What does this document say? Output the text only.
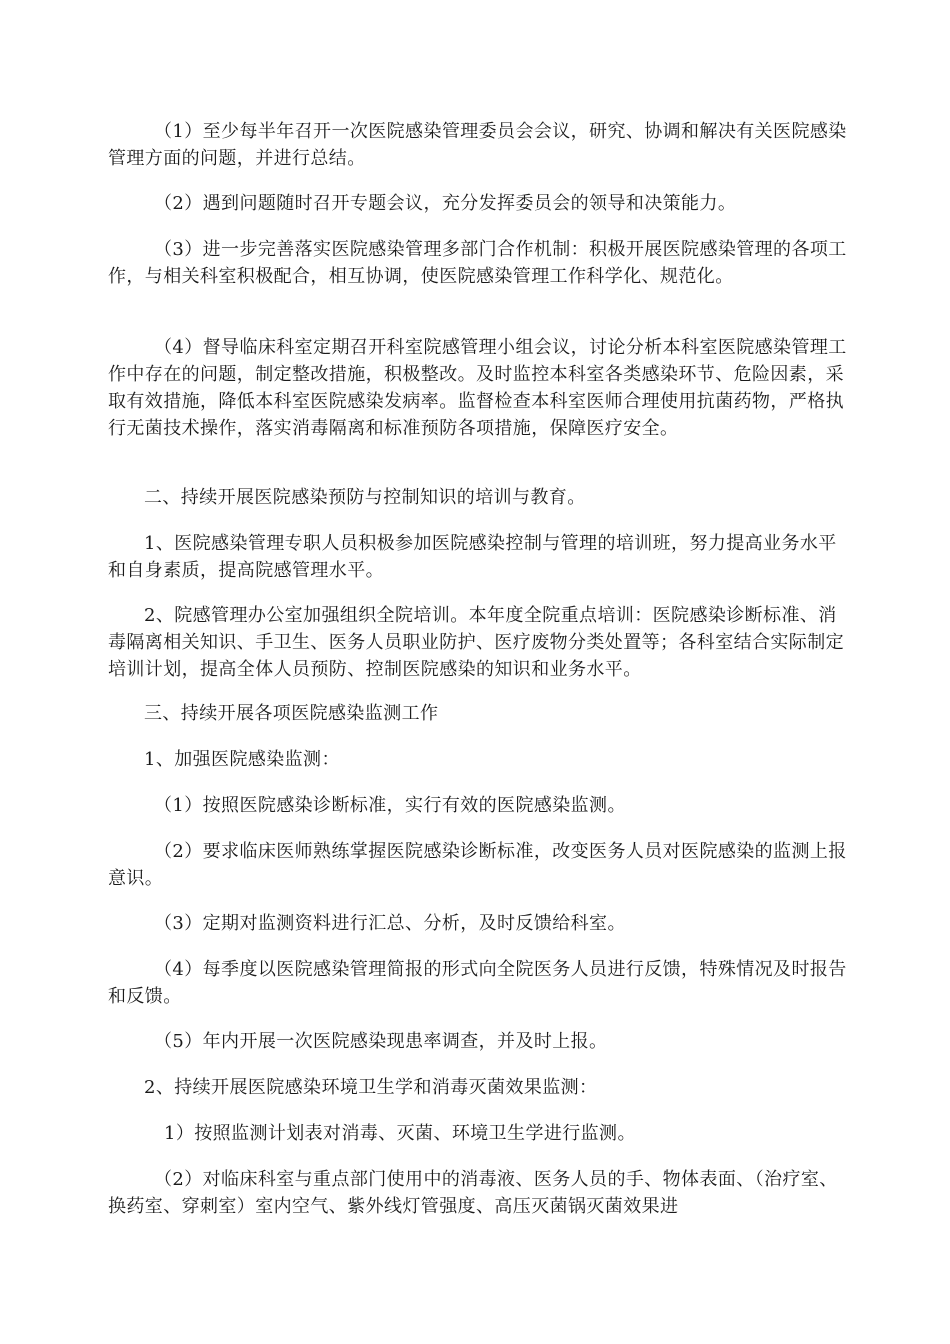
（1）至少每半年召开一次医院感染管理委员会会议，研究、协调和解决有关医院感染管理方面的问题，并进行总结。

（2）遇到问题随时召开专题会议，充分发挥委员会的领导和决策能力。

（3）进一步完善落实医院感染管理多部门合作机制：积极开展医院感染管理的各项工作，与相关科室积极配合，相互协调，使医院感染管理工作科学化、规范化。

（4）督导临床科室定期召开科室院感管理小组会议，讨论分析本科室医院感染管理工作中存在的问题，制定整改措施，积极整改。及时监控本科室各类感染环节、危险因素，采取有效措施，降低本科室医院感染发病率。监督检查本科室医师合理使用抗菌药物，严格执行无菌技术操作，落实消毒隔离和标准预防各项措施，保障医疗安全。

二、持续开展医院感染预防与控制知识的培训与教育。

1、医院感染管理专职人员积极参加医院感染控制与管理的培训班，努力提高业务水平和自身素质，提高院感管理水平。

2、院感管理办公室加强组织全院培训。本年度全院重点培训：医院感染诊断标准、消毒隔离相关知识、手卫生、医务人员职业防护、医疗废物分类处置等；各科室结合实际制定培训计划，提高全体人员预防、控制医院感染的知识和业务水平。

三、持续开展各项医院感染监测工作

1、加强医院感染监测：

（1）按照医院感染诊断标准，实行有效的医院感染监测。

（2）要求临床医师熟练掌握医院感染诊断标准，改变医务人员对医院感染的监测上报意识。

（3）定期对监测资料进行汇总、分析，及时反馈给科室。

（4）每季度以医院感染管理简报的形式向全院医务人员进行反馈，特殊情况及时报告和反馈。

（5）年内开展一次医院感染现患率调查，并及时上报。

2、持续开展医院感染环境卫生学和消毒灭菌效果监测：

1）按照监测计划表对消毒、灭菌、环境卫生学进行监测。

（2）对临床科室与重点部门使用中的消毒液、医务人员的手、物体表面、（治疗室、换药室、穿刺室）室内空气、紫外线灯管强度、高压灭菌锅灭菌效果进
